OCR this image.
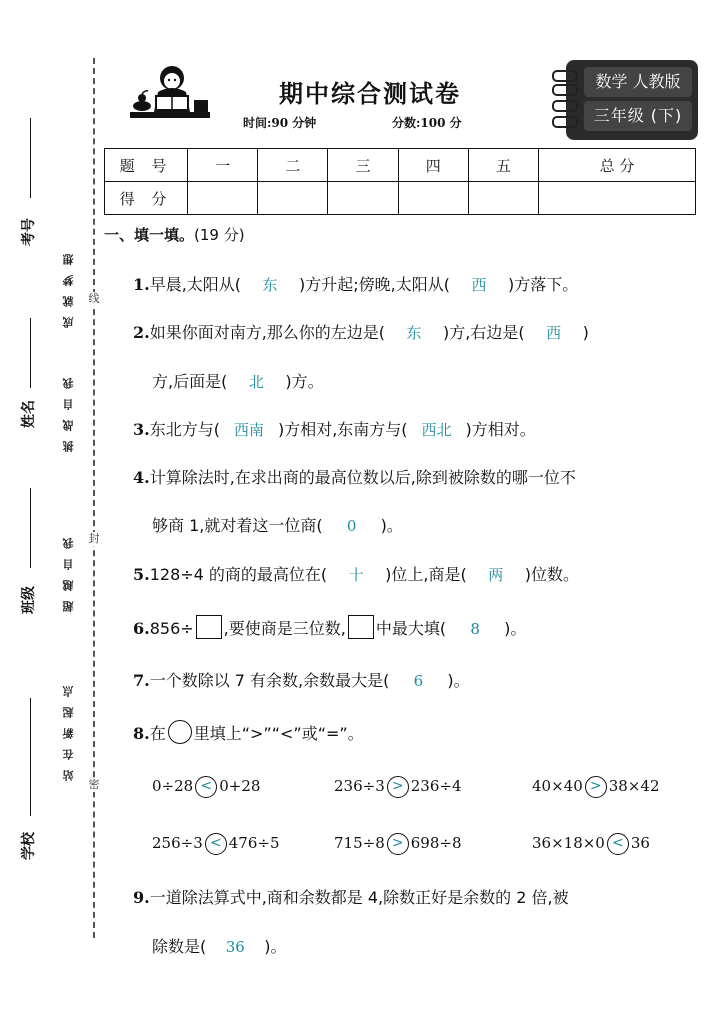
线
封
密
考号
姓名
班级
学校
成就梦想
挑战自我
超越自我
站在新起点
期中综合测试卷
时间:90 分钟	分数:100 分
数学 人教版
三年级 (下)
题 号	一	二	三	四	五	总 分
得 分						
一、填一填。(19 分)
1.早晨,太阳从( 东 )方升起;傍晚,太阳从( 西 )方落下。
2.如果你面对南方,那么你的左边是( 东 )方,右边是( 西 )
方,后面是( 北 )方。
3.东北方与( 西南 )方相对,东南方与( 西北 )方相对。
4.计算除法时,在求出商的最高位数以后,除到被除数的哪一位不
够商 1,就对着这一位商( 0 )。
5.128÷4 的商的最高位在( 十 )位上,商是( 两 )位数。
6.856÷ ,要使商是三位数, 中最大填( 8 )。
7.一个数除以 7 有余数,余数最大是( 6 )。
8.在 里填上“>”“<”或“=”。
0÷28 < 0+28	236÷3 > 236÷4	40×40 > 38×42
256÷3 < 476÷5	715÷8 > 698÷8	36×18×0 < 36
9.一道除法算式中,商和余数都是 4,除数正好是余数的 2 倍,被
除数是( 36 )。
